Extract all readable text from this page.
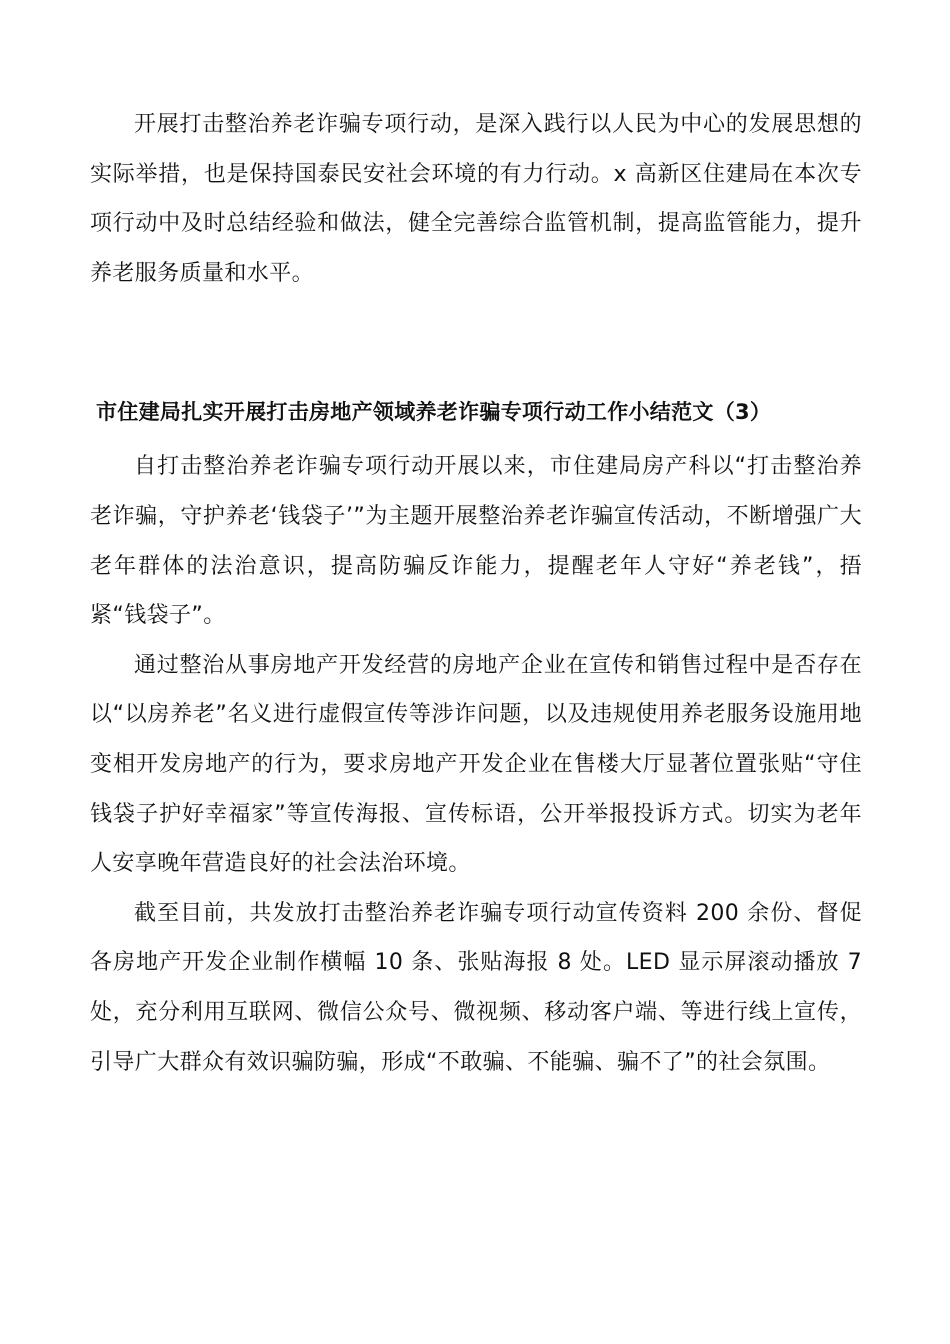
开展打击整治养老诈骗专项行动，是深入践行以人民为中心的发展思想的实际举措，也是保持国泰民安社会环境的有力行动。x 高新区住建局在本次专项行动中及时总结经验和做法，健全完善综合监管机制，提高监管能力，提升养老服务质量和水平。

市住建局扎实开展打击房地产领域养老诈骗专项行动工作小结范文（3）

自打击整治养老诈骗专项行动开展以来，市住建局房产科以“打击整治养老诈骗，守护养老‘钱袋子’”为主题开展整治养老诈骗宣传活动，不断增强广大老年群体的法治意识，提高防骗反诈能力，提醒老年人守好“养老钱”，捂紧“钱袋子”。

通过整治从事房地产开发经营的房地产企业在宣传和销售过程中是否存在以“以房养老”名义进行虚假宣传等涉诈问题，以及违规使用养老服务设施用地变相开发房地产的行为，要求房地产开发企业在售楼大厅显著位置张贴“守住钱袋子护好幸福家”等宣传海报、宣传标语，公开举报投诉方式。切实为老年人安享晚年营造良好的社会法治环境。

截至目前，共发放打击整治养老诈骗专项行动宣传资料 200 余份、督促各房地产开发企业制作横幅 10 条、张贴海报 8 处。LED 显示屏滚动播放 7 处，充分利用互联网、微信公众号、微视频、移动客户端、等进行线上宣传，引导广大群众有效识骗防骗，形成“不敢骗、不能骗、骗不了”的社会氛围。
